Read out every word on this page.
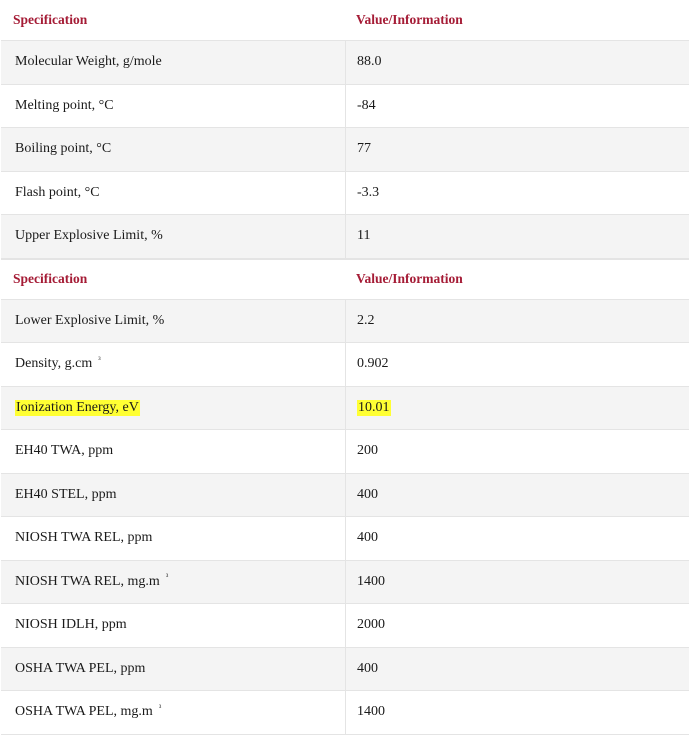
Specification	Value/Information
Molecular Weight, g/mole	88.0
Melting point, °C	-84
Boiling point, °C	77
Flash point, °C	-3.3
Upper Explosive Limit, %	11
Specification	Value/Information
Lower Explosive Limit, %	2.2
Density, g.cm ³	0.902
Ionization Energy, eV	10.01
EH40 TWA, ppm	200
EH40 STEL, ppm	400
NIOSH TWA REL, ppm	400
NIOSH TWA REL, mg.m ³	1400
NIOSH IDLH, ppm	2000
OSHA TWA PEL, ppm	400
OSHA TWA PEL, mg.m ³	1400
